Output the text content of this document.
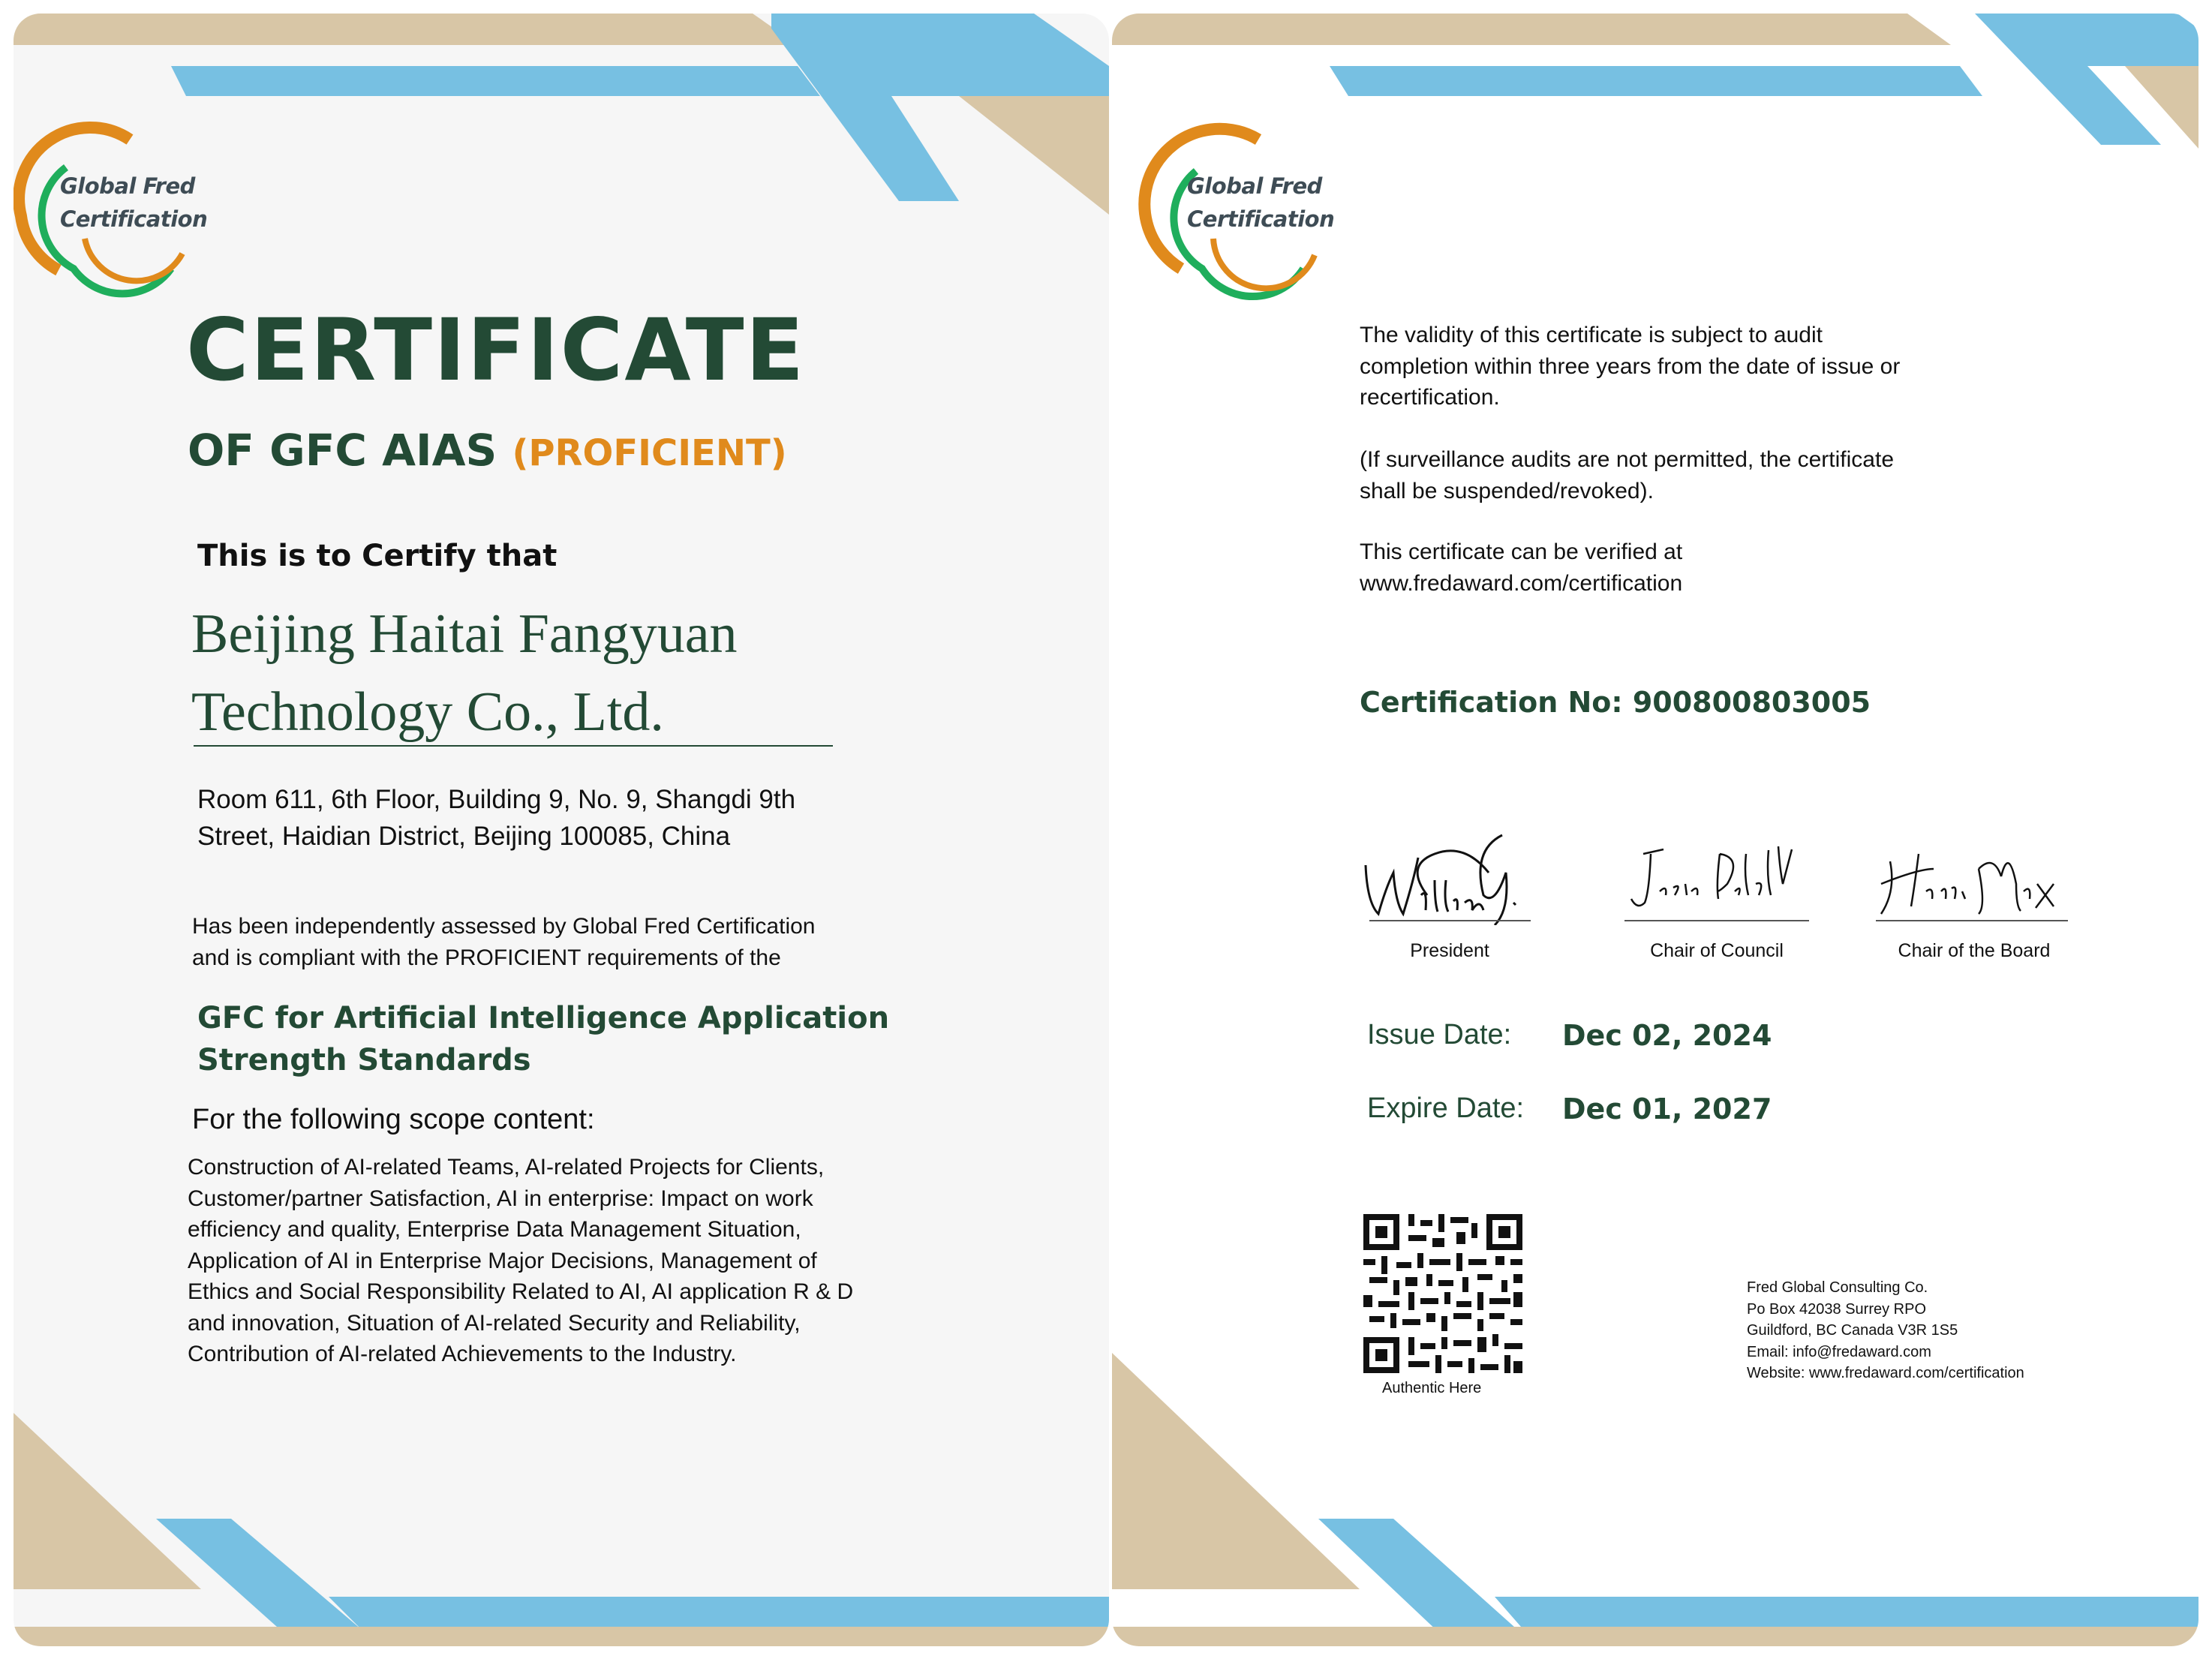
Global Fred
Certification
CERTIFICATE
OF GFC AIAS (PROFICIENT)
This is to Certify that
Beijing Haitai Fangyuan
Technology Co., Ltd.
Room 611, 6th Floor, Building 9, No. 9, Shangdi 9th
Street, Haidian District, Beijing 100085, China
Has been independently assessed by Global Fred Certification
and is compliant with the PROFICIENT requirements of the
GFC for Artificial Intelligence Application
Strength Standards
For the following scope content:
Construction of AI-related Teams, AI-related Projects for Clients,
Customer/partner Satisfaction, AI in enterprise: Impact on work
efficiency and quality, Enterprise Data Management Situation,
Application of AI in Enterprise Major Decisions, Management of
Ethics and Social Responsibility Related to AI, AI application R & D
and innovation, Situation of AI-related Security and Reliability,
Contribution of AI-related Achievements to the Industry.
Global Fred
Certification
The validity of this certificate is subject to audit
completion within three years from the date of issue or
recertification.
(If surveillance audits are not permitted, the certificate
shall be suspended/revoked).
This certificate can be verified at
www.fredaward.com/certification
Certification No: 900800803005
President	Chair of Council	Chair of the Board
Issue Date: Dec 02, 2024
Expire Date: Dec 01, 2027
Authentic Here
Fred Global Consulting Co.
Po Box 42038 Surrey RPO
Guildford, BC Canada V3R 1S5
Email: info@fredaward.com
Website: www.fredaward.com/certification
